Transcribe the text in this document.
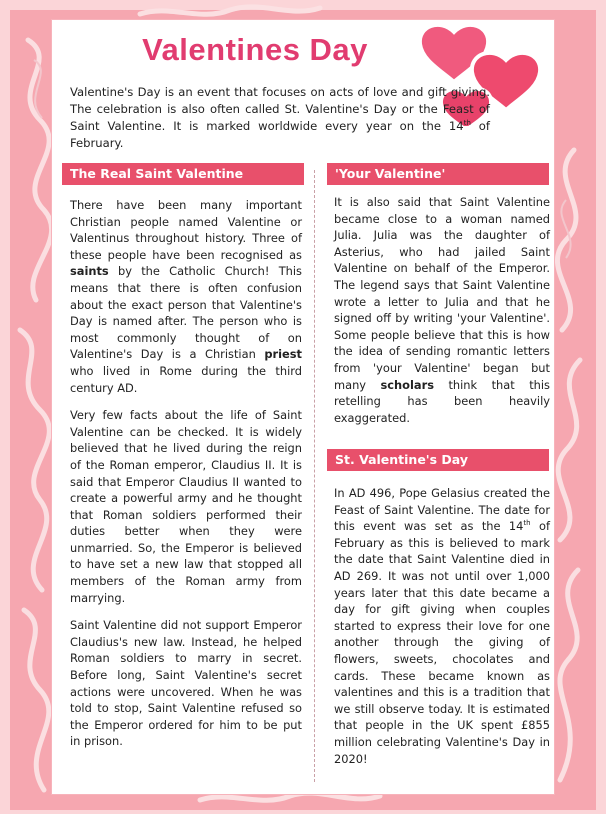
Valentines Day

Valentine's Day is an event that focuses on acts of love and gift giving. The celebration is also often called St. Valentine's Day or the Feast of Saint Valentine. It is marked worldwide every year on the 14th of February.

The Real Saint Valentine

There have been many important Christian people named Valentine or Valentinus throughout history. Three of these people have been recognised as saints by the Catholic Church! This means that there is often confusion about the exact person that Valentine's Day is named after. The person who is most commonly thought of on Valentine's Day is a Christian priest who lived in Rome during the third century AD.

Very few facts about the life of Saint Valentine can be checked. It is widely believed that he lived during the reign of the Roman emperor, Claudius II. It is said that Emperor Claudius II wanted to create a powerful army and he thought that Roman soldiers performed their duties better when they were unmarried. So, the Emperor is believed to have set a new law that stopped all members of the Roman army from marrying.

Saint Valentine did not support Emperor Claudius's new law. Instead, he helped Roman soldiers to marry in secret. Before long, Saint Valentine's secret actions were uncovered. When he was told to stop, Saint Valentine refused so the Emperor ordered for him to be put in prison.

'Your Valentine'

It is also said that Saint Valentine became close to a woman named Julia. Julia was the daughter of Asterius, who had jailed Saint Valentine on behalf of the Emperor. The legend says that Saint Valentine wrote a letter to Julia and that he signed off by writing 'your Valentine'. Some people believe that this is how the idea of sending romantic letters from 'your Valentine' began but many scholars think that this retelling has been heavily exaggerated.

St. Valentine's Day

In AD 496, Pope Gelasius created the Feast of Saint Valentine. The date for this event was set as the 14th of February as this is believed to mark the date that Saint Valentine died in AD 269. It was not until over 1,000 years later that this date became a day for gift giving when couples started to express their love for one another through the giving of flowers, sweets, chocolates and cards. These became known as valentines and this is a tradition that we still observe today. It is estimated that people in the UK spent £855 million celebrating Valentine's Day in 2020!
